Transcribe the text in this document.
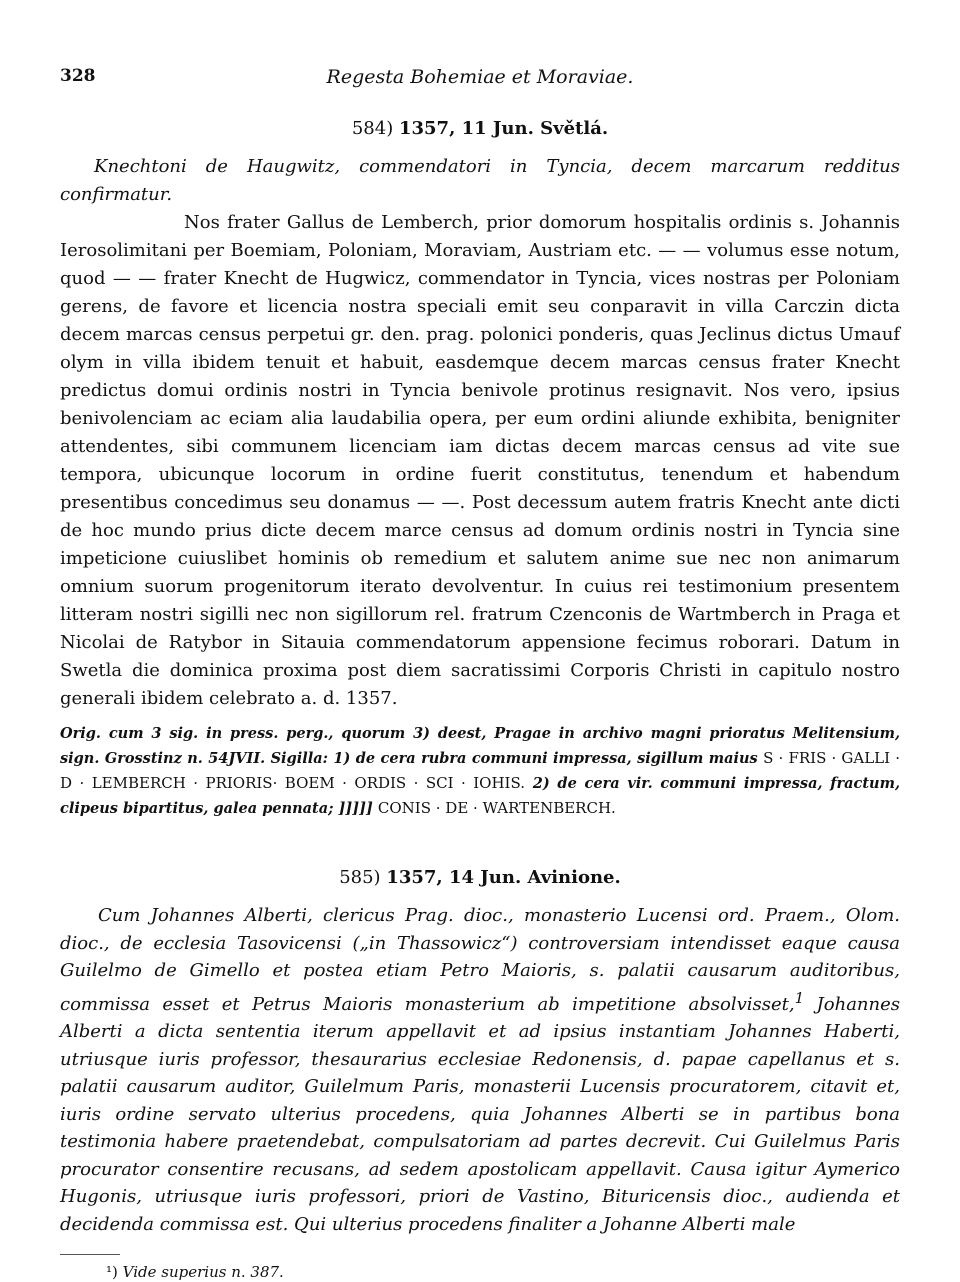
328	Regesta Bohemiae et Moraviae.
584) 1357, 11 Jun. Světlá.

Knechtoni de Haugwitz, commendatori in Tyncia, decem marcarum redditus confirmatur.

Nos frater Gallus de Lemberch, prior domorum hospitalis ordinis s. Johannis Ierosolimitani per Boemiam, Poloniam, Moraviam, Austriam etc. — — volumus esse notum, quod — — frater Knecht de Hugwicz, commendator in Tyncia, vices nostras per Poloniam gerens, de favore et licencia nostra speciali emit seu conparavit in villa Carczin dicta decem marcas census perpetui gr. den. prag. polonici ponderis, quas Jeclinus dictus Umauf olym in villa ibidem tenuit et habuit, easdemque decem marcas census frater Knecht predictus domui ordinis nostri in Tyncia benivole protinus resignavit. Nos vero, ipsius benivolenciam ac eciam alia laudabilia opera, per eum ordini aliunde exhibita, benigniter attendentes, sibi communem licenciam iam dictas decem marcas census ad vite sue tempora, ubicunque locorum in ordine fuerit constitutus, tenendum et habendum presentibus concedimus seu donamus — —. Post decessum autem fratris Knecht ante dicti de hoc mundo prius dicte decem marce census ad domum ordinis nostri in Tyncia sine impeticione cuiuslibet hominis ob remedium et salutem anime sue nec non animarum omnium suorum progenitorum iterato devolventur. In cuius rei testimonium presentem litteram nostri sigilli nec non sigillorum rel. fratrum Czenconis de Wartmberch in Praga et Nicolai de Ratybor in Sitauia commendatorum appensione fecimus roborari. Datum in Swetla die dominica proxima post diem sacratissimi Corporis Christi in capitulo nostro generali ibidem celebrato a. d. 1357.

Orig. cum 3 sig. in press. perg., quorum 3) deest, Pragae in archivo magni prioratus Melitensium, sign. Grosstinz n. 54JVII. Sigilla: 1) de cera rubra communi impressa, sigillum maius S · FRIS · GALLI · D · LEMBERCH · PRIORIS· BOEM · ORDIS · SCI · IOHIS. 2) de cera vir. communi impressa, fractum, clipeus bipartitus, galea pennata; ]]]]] CONIS · DE · WARTENBERCH.

585) 1357, 14 Jun. Avinione.

Cum Johannes Alberti, clericus Prag. dioc., monasterio Lucensi ord. Praem., Olom. dioc., de ecclesia Tasovicensi („in Thassowicz“) controversiam intendisset eaque causa Guilelmo de Gimello et postea etiam Petro Maioris, s. palatii causarum auditoribus, commissa esset et Petrus Maioris monasterium ab impetitione absolvisset,$^1$ Johannes Alberti a dicta sententia iterum appellavit et ad ipsius instantiam Johannes Haberti, utriusque iuris professor, thesaurarius ecclesiae Redonensis, d. papae capellanus et s. palatii causarum auditor, Guilelmum Paris, monasterii Lucensis procuratorem, citavit et, iuris ordine servato ulterius procedens, quia Johannes Alberti se in partibus bona testimonia habere praetendebat, compulsatoriam ad partes decrevit. Cui Guilelmus Paris procurator consentire recusans, ad sedem apostolicam appellavit. Causa igitur Aymerico Hugonis, utriusque iuris professori, priori de Vastino, Bituricensis dioc., audienda et decidenda commissa est. Qui ulterius procedens finaliter a Johanne Alberti male

¹) Vide superius n. 387.
